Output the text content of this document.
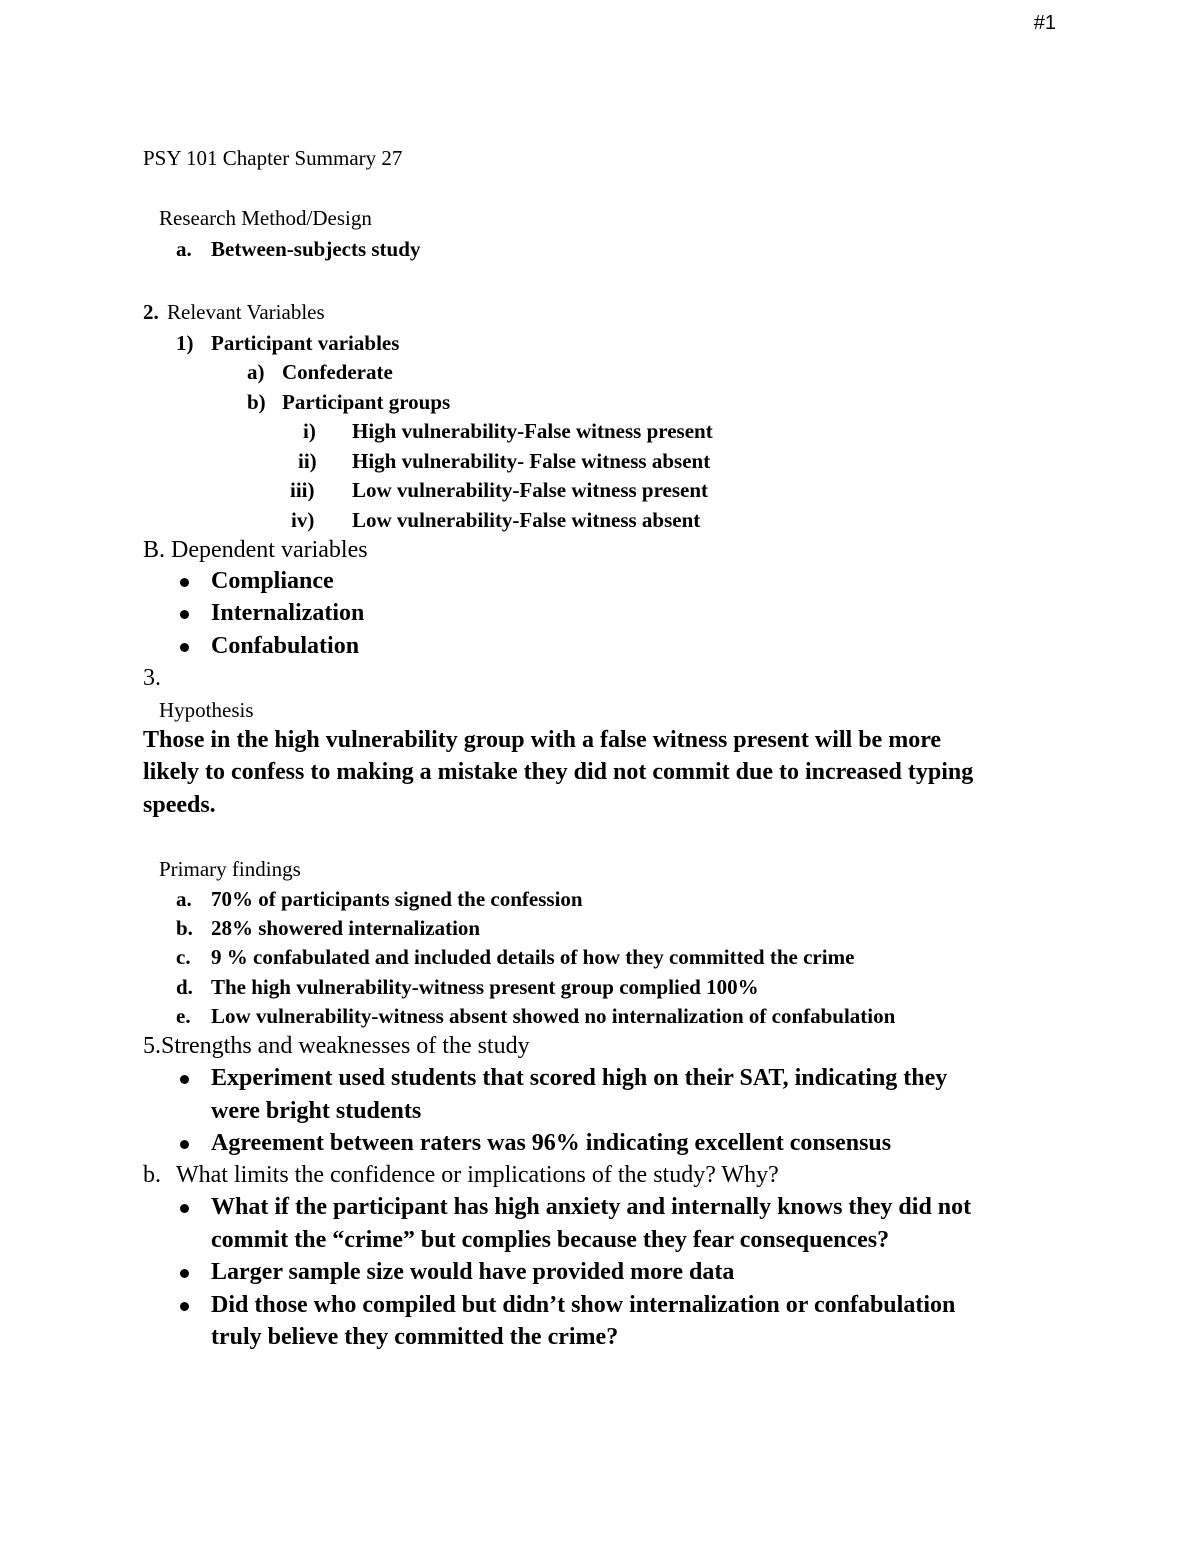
#1
PSY 101 Chapter Summary 27
Research Method/Design
a. Between-subjects study
2. Relevant Variables
1) Participant variables
a) Confederate
b) Participant groups
i) High vulnerability-False witness present
ii) High vulnerability- False witness absent
iii) Low vulnerability-False witness present
iv) Low vulnerability-False witness absent
B. Dependent variables
Compliance
Internalization
Confabulation
3.
Hypothesis
Those in the high vulnerability group with a false witness present will be more
likely to confess to making a mistake they did not commit due to increased typing
speeds.
Primary findings
a. 70% of participants signed the confession
b. 28% showered internalization
c. 9 % confabulated and included details of how they committed the crime
d. The high vulnerability-witness present group complied 100%
e. Low vulnerability-witness absent showed no internalization of confabulation
5.Strengths and weaknesses of the study
Experiment used students that scored high on their SAT, indicating they
were bright students
Agreement between raters was 96% indicating excellent consensus
b. What limits the confidence or implications of the study? Why?
What if the participant has high anxiety and internally knows they did not
commit the “crime” but complies because they fear consequences?
Larger sample size would have provided more data
Did those who compiled but didn’t show internalization or confabulation
truly believe they committed the crime?
